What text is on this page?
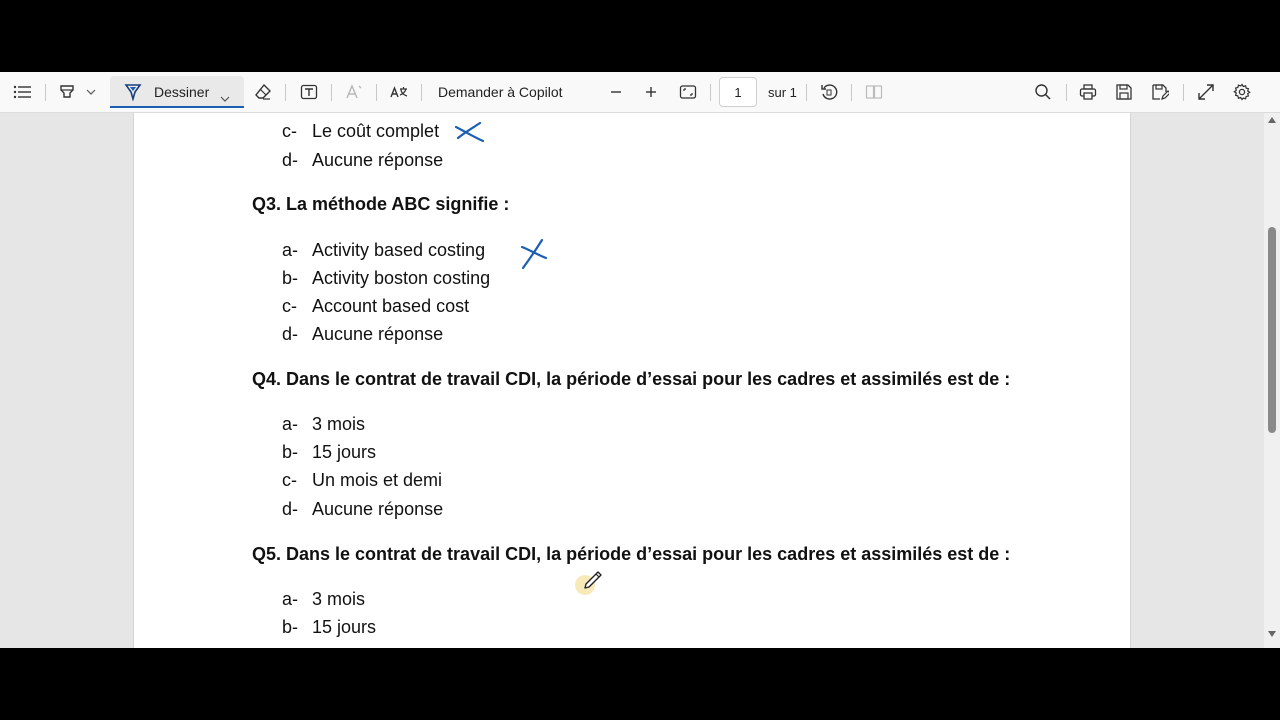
Dessiner	Demander à Copilot	1	sur 1
c- Le coût complet
d- Aucune réponse
Q3. La méthode ABC signifie :
a- Activity based costing
b- Activity boston costing
c- Account based cost
d- Aucune réponse
Q4. Dans le contrat de travail CDI, la période d’essai pour les cadres et assimilés est de :
a- 3 mois
b- 15 jours
c- Un mois et demi
d- Aucune réponse
Q5. Dans le contrat de travail CDI, la période d’essai pour les cadres et assimilés est de :
a- 3 mois
b- 15 jours
